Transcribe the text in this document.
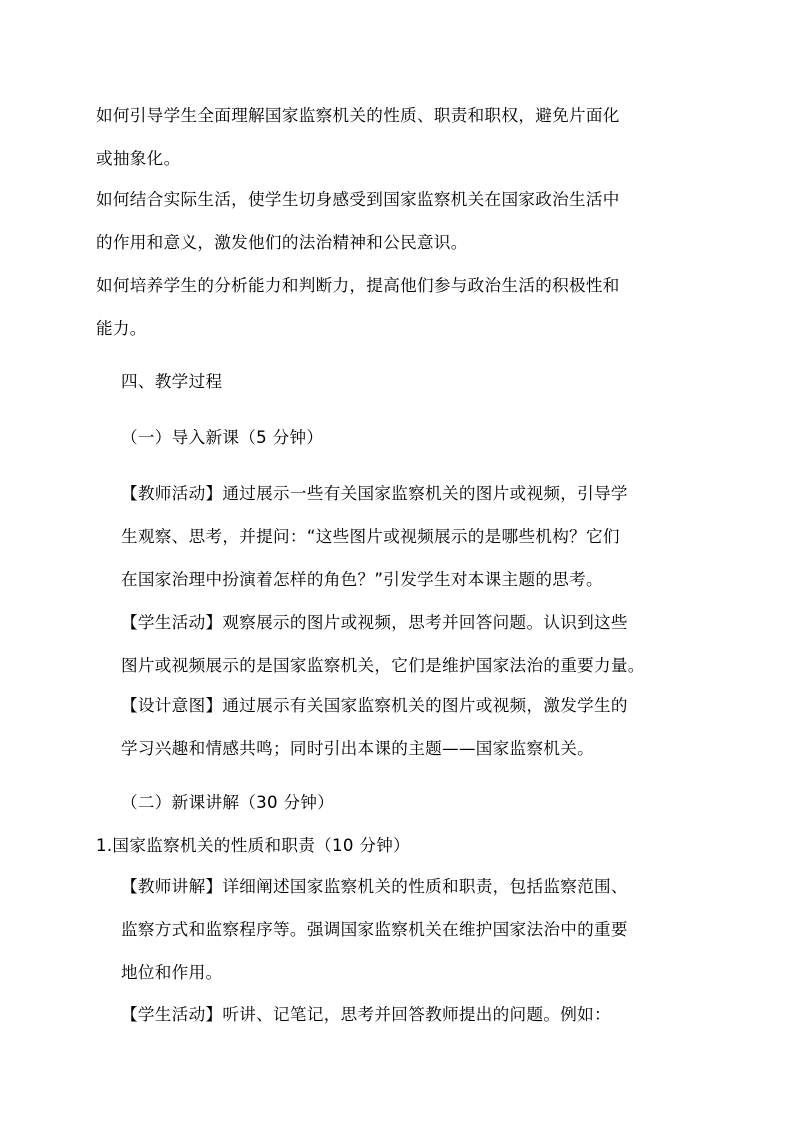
如何引导学生全面理解国家监察机关的性质、职责和职权，避免片面化
或抽象化。
如何结合实际生活，使学生切身感受到国家监察机关在国家政治生活中
的作用和意义，激发他们的法治精神和公民意识。
如何培养学生的分析能力和判断力，提高他们参与政治生活的积极性和
能力。
四、教学过程
（一）导入新课（5 分钟）
【教师活动】通过展示一些有关国家监察机关的图片或视频，引导学
生观察、思考，并提问：“这些图片或视频展示的是哪些机构？它们
在国家治理中扮演着怎样的角色？”引发学生对本课主题的思考。
【学生活动】观察展示的图片或视频，思考并回答问题。认识到这些
图片或视频展示的是国家监察机关，它们是维护国家法治的重要力量。
【设计意图】通过展示有关国家监察机关的图片或视频，激发学生的
学习兴趣和情感共鸣；同时引出本课的主题——国家监察机关。
（二）新课讲解（30 分钟）
1.国家监察机关的性质和职责（10 分钟）
【教师讲解】详细阐述国家监察机关的性质和职责，包括监察范围、
监察方式和监察程序等。强调国家监察机关在维护国家法治中的重要
地位和作用。
【学生活动】听讲、记笔记，思考并回答教师提出的问题。例如：
